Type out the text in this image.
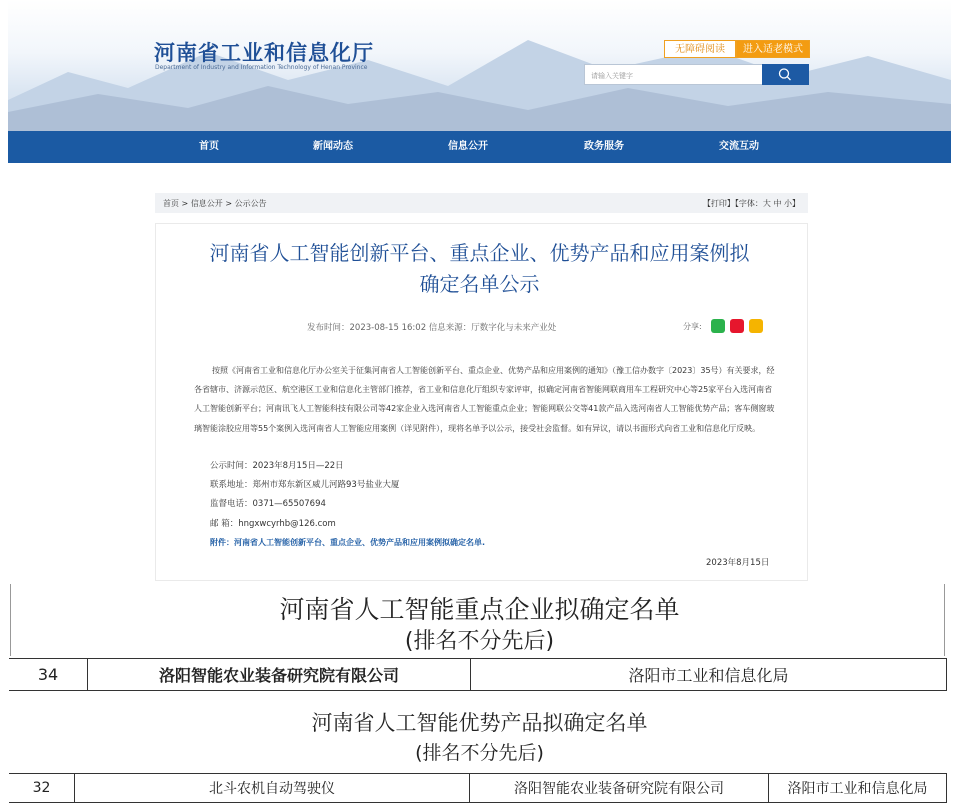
河南省工业和信息化厅
Department of Industry and Information Technology of Henan Province
无障碍阅读	进入适老模式
请输入关键字
首页	新闻动态	信息公开	政务服务	交流互动
首页 > 信息公开 > 公示公告	【打印】【字体：大 中 小】
河南省人工智能创新平台、重点企业、优势产品和应用案例拟
确定名单公示
发布时间：2023-08-15 16:02 信息来源：厅数字化与未来产业处	分享:

按照《河南省工业和信息化厅办公室关于征集河南省人工智能创新平台、重点企业、优势产品和应用案例的通知》（豫工信办数字〔2023〕35号）有关要求，经各省辖市、济源示范区、航空港区工业和信息化主管部门推荐，省工业和信息化厅组织专家评审，拟确定河南省智能网联商用车工程研究中心等25家平台入选河南省人工智能创新平台；河南讯飞人工智能科技有限公司等42家企业入选河南省人工智能重点企业；智能网联公交等41款产品入选河南省人工智能优势产品；客车侧窗玻璃智能涂胶应用等55个案例入选河南省人工智能应用案例（详见附件），现将名单予以公示，接受社会监督。如有异议，请以书面形式向省工业和信息化厅反映。

公示时间：2023年8月15日—22日
联系地址：郑州市郑东新区威儿河路93号盐业大厦
监督电话：0371—65507694
邮 箱：hngxwcyrhb@126.com
附件：河南省人工智能创新平台、重点企业、优势产品和应用案例拟确定名单.
2023年8月15日
河南省人工智能重点企业拟确定名单
(排名不分先后)
34	洛阳智能农业装备研究院有限公司	洛阳市工业和信息化局
河南省人工智能优势产品拟确定名单
(排名不分先后)
32	北斗农机自动驾驶仪	洛阳智能农业装备研究院有限公司	洛阳市工业和信息化局
